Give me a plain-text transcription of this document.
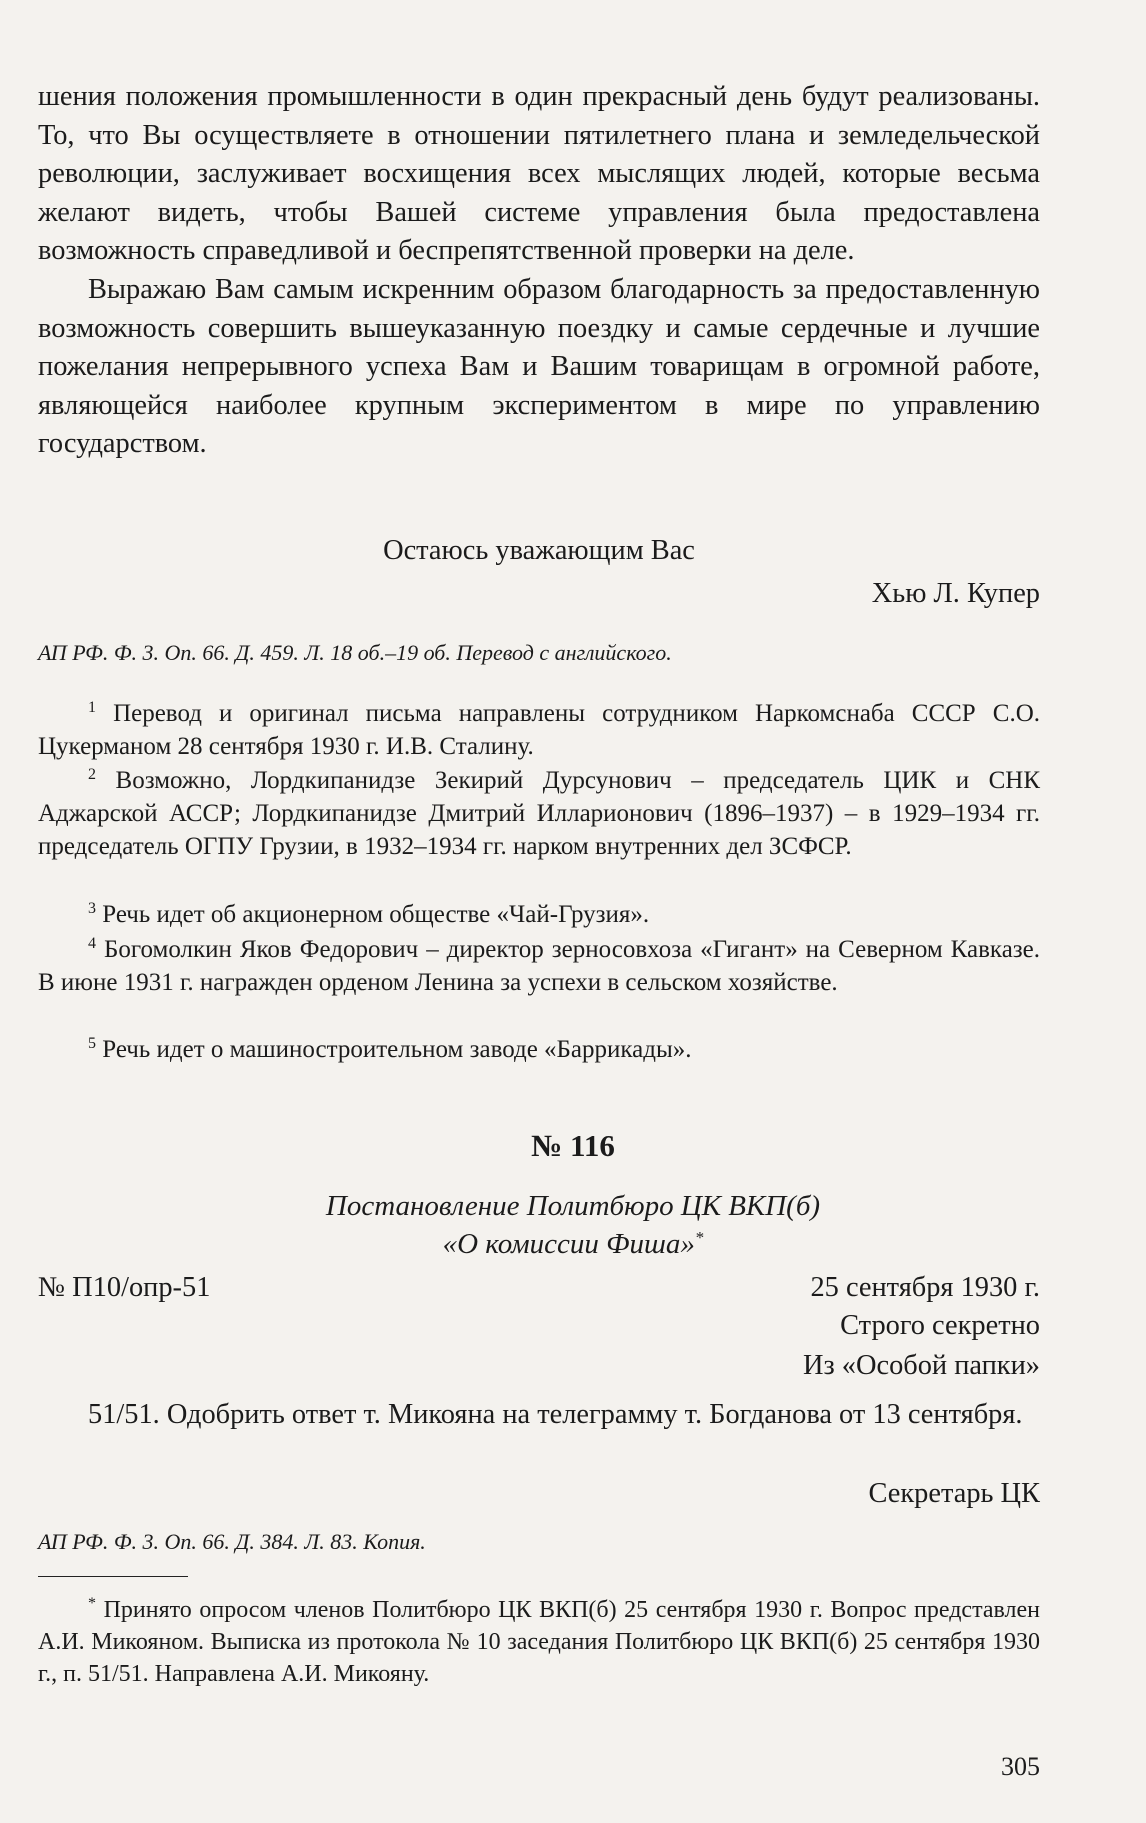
шения положения промышленности в один прекрасный день будут реализованы. То, что Вы осуществляете в отношении пятилетнего плана и земледельческой революции, заслуживает восхищения всех мыслящих людей, которые весьма желают видеть, чтобы Вашей системе управления была предоставлена возможность справедливой и беспрепятственной проверки на деле.

Выражаю Вам самым искренним образом благодарность за предоставленную возможность совершить вышеуказанную поездку и самые сердечные и лучшие пожелания непрерывного успеха Вам и Вашим товарищам в огромной работе, являющейся наиболее крупным экспериментом в мире по управлению государством.

Остаюсь уважающим Вас

Хью Л. Купер

АП РФ. Ф. 3. Оп. 66. Д. 459. Л. 18 об.–19 об. Перевод с английского.

$^1$ Перевод и оригинал письма направлены сотрудником Наркомснаба СССР С.О. Цукерманом 28 сентября 1930 г. И.В. Сталину.

$^2$ Возможно, Лордкипанидзе Зекирий Дурсунович – председатель ЦИК и СНК Аджарской АССР; Лордкипанидзе Дмитрий Илларионович (1896–1937) – в 1929–1934 гг. председатель ОГПУ Грузии, в 1932–1934 гг. нарком внутренних дел ЗСФСР.

$^3$ Речь идет об акционерном обществе «Чай-Грузия».

$^4$ Богомолкин Яков Федорович – директор зерносовхоза «Гигант» на Северном Кавказе. В июне 1931 г. награжден орденом Ленина за успехи в сельском хозяйстве.

$^5$ Речь идет о машиностроительном заводе «Баррикады».

№ 116
Постановление Политбюро ЦК ВКП(б)
«О комиссии Фиша»*
№ П10/опр-51	25 сентября 1930 г.
Строго секретно
Из «Особой папки»

51/51. Одобрить ответ т. Микояна на телеграмму т. Богданова от 13 сентября.

Секретарь ЦК
АП РФ. Ф. 3. Оп. 66. Д. 384. Л. 83. Копия.

* Принято опросом членов Политбюро ЦК ВКП(б) 25 сентября 1930 г. Вопрос представлен А.И. Микояном. Выписка из протокола № 10 заседания Политбюро ЦК ВКП(б) 25 сентября 1930 г., п. 51/51. Направлена А.И. Микояну.

305
